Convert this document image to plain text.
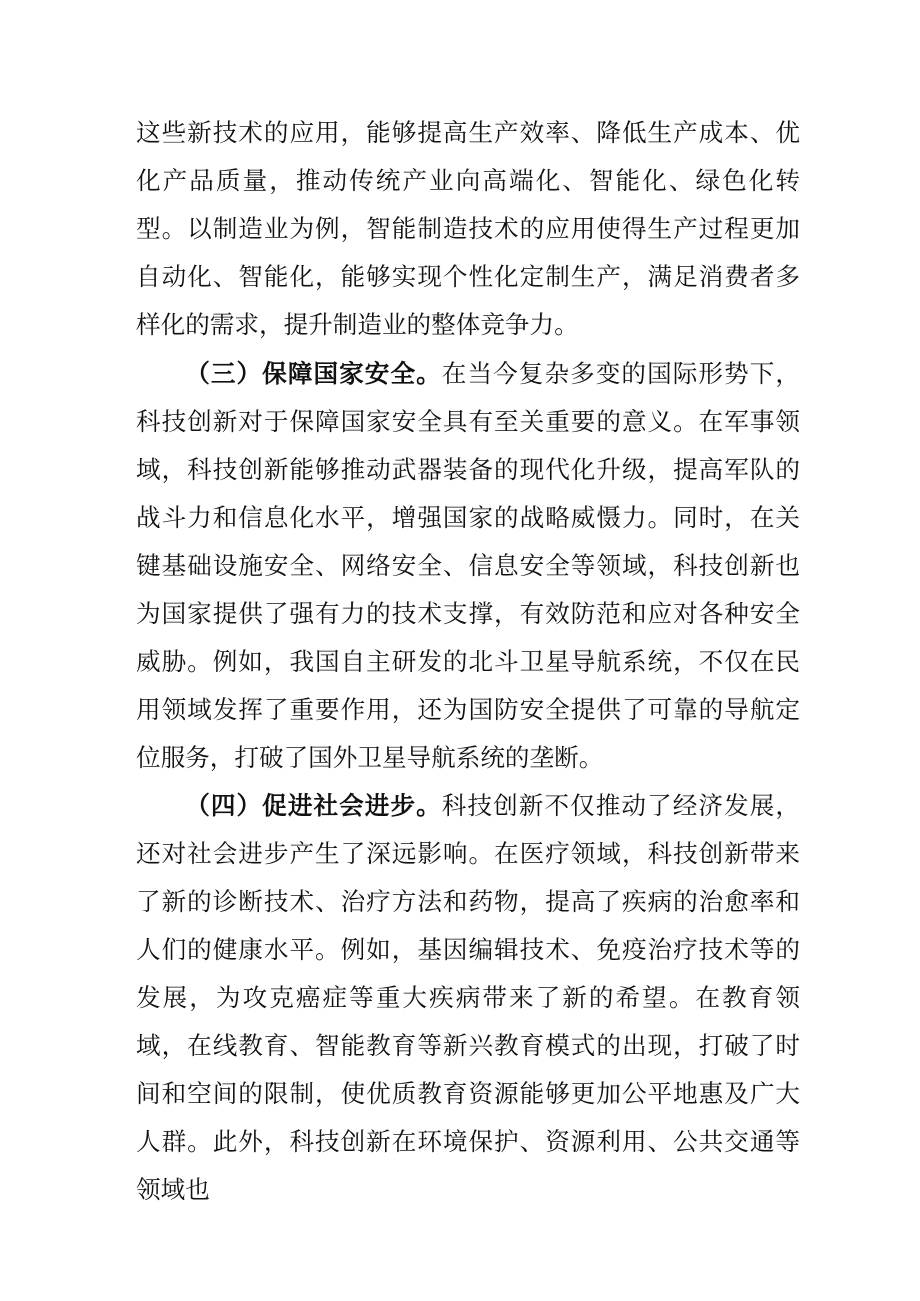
这些新技术的应用，能够提高生产效率、降低生产成本、优化产品质量，推动传统产业向高端化、智能化、绿色化转型。以制造业为例，智能制造技术的应用使得生产过程更加自动化、智能化，能够实现个性化定制生产，满足消费者多样化的需求，提升制造业的整体竞争力。

（三）保障国家安全。在当今复杂多变的国际形势下，科技创新对于保障国家安全具有至关重要的意义。在军事领域，科技创新能够推动武器装备的现代化升级，提高军队的战斗力和信息化水平，增强国家的战略威慑力。同时，在关键基础设施安全、网络安全、信息安全等领域，科技创新也为国家提供了强有力的技术支撑，有效防范和应对各种安全威胁。例如，我国自主研发的北斗卫星导航系统，不仅在民用领域发挥了重要作用，还为国防安全提供了可靠的导航定位服务，打破了国外卫星导航系统的垄断。

（四）促进社会进步。科技创新不仅推动了经济发展，还对社会进步产生了深远影响。在医疗领域，科技创新带来了新的诊断技术、治疗方法和药物，提高了疾病的治愈率和人们的健康水平。例如，基因编辑技术、免疫治疗技术等的发展，为攻克癌症等重大疾病带来了新的希望。在教育领域，在线教育、智能教育等新兴教育模式的出现，打破了时间和空间的限制，使优质教育资源能够更加公平地惠及广大人群。此外，科技创新在环境保护、资源利用、公共交通等领域也
